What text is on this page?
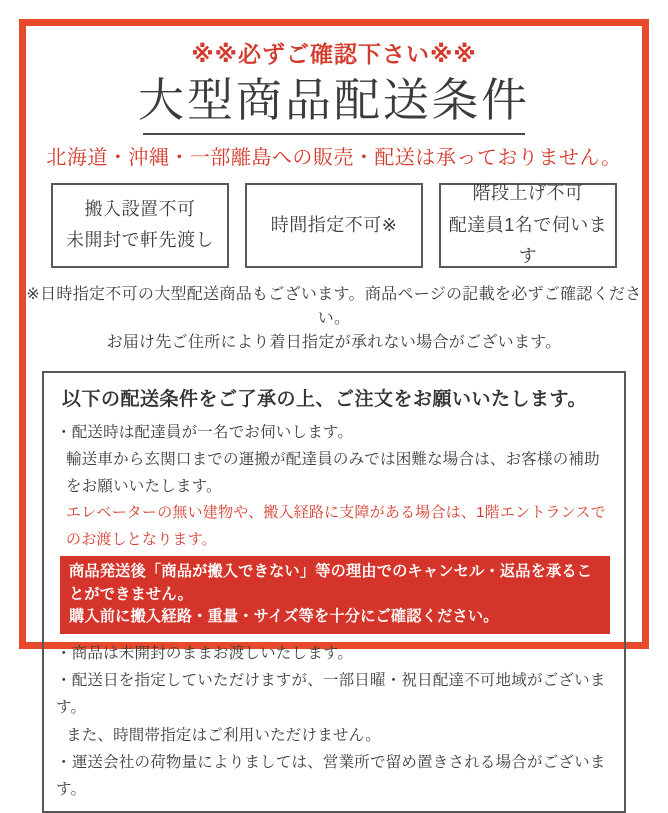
※※必ずご確認下さい※※
大型商品配送条件
北海道・沖縄・一部離島への販売・配送は承っておりません。
搬入設置不可
未開封で軒先渡し
時間指定不可※
階段上げ不可
配達員1名で伺います
※日時指定不可の大型配送商品もございます。商品ページの記載を必ずご確認ください。
お届け先ご住所により着日指定が承れない場合がございます。
以下の配送条件をご了承の上、ご注文をお願いいたします。
・配送時は配達員が一名でお伺いします。
輸送車から玄関口までの運搬が配達員のみでは困難な場合は、お客様の補助をお願いいたします。
エレベーターの無い建物や、搬入経路に支障がある場合は、1階エントランスでのお渡しとなります。
商品発送後「商品が搬入できない」等の理由でのキャンセル・返品を承ることができません。
購入前に搬入経路・重量・サイズ等を十分にご確認ください。
・商品は未開封のままお渡しいたします。
・配送日を指定していただけますが、一部日曜・祝日配達不可地域がございます。
また、時間帯指定はご利用いただけません。
・運送会社の荷物量によりましては、営業所で留め置きされる場合がございます。
